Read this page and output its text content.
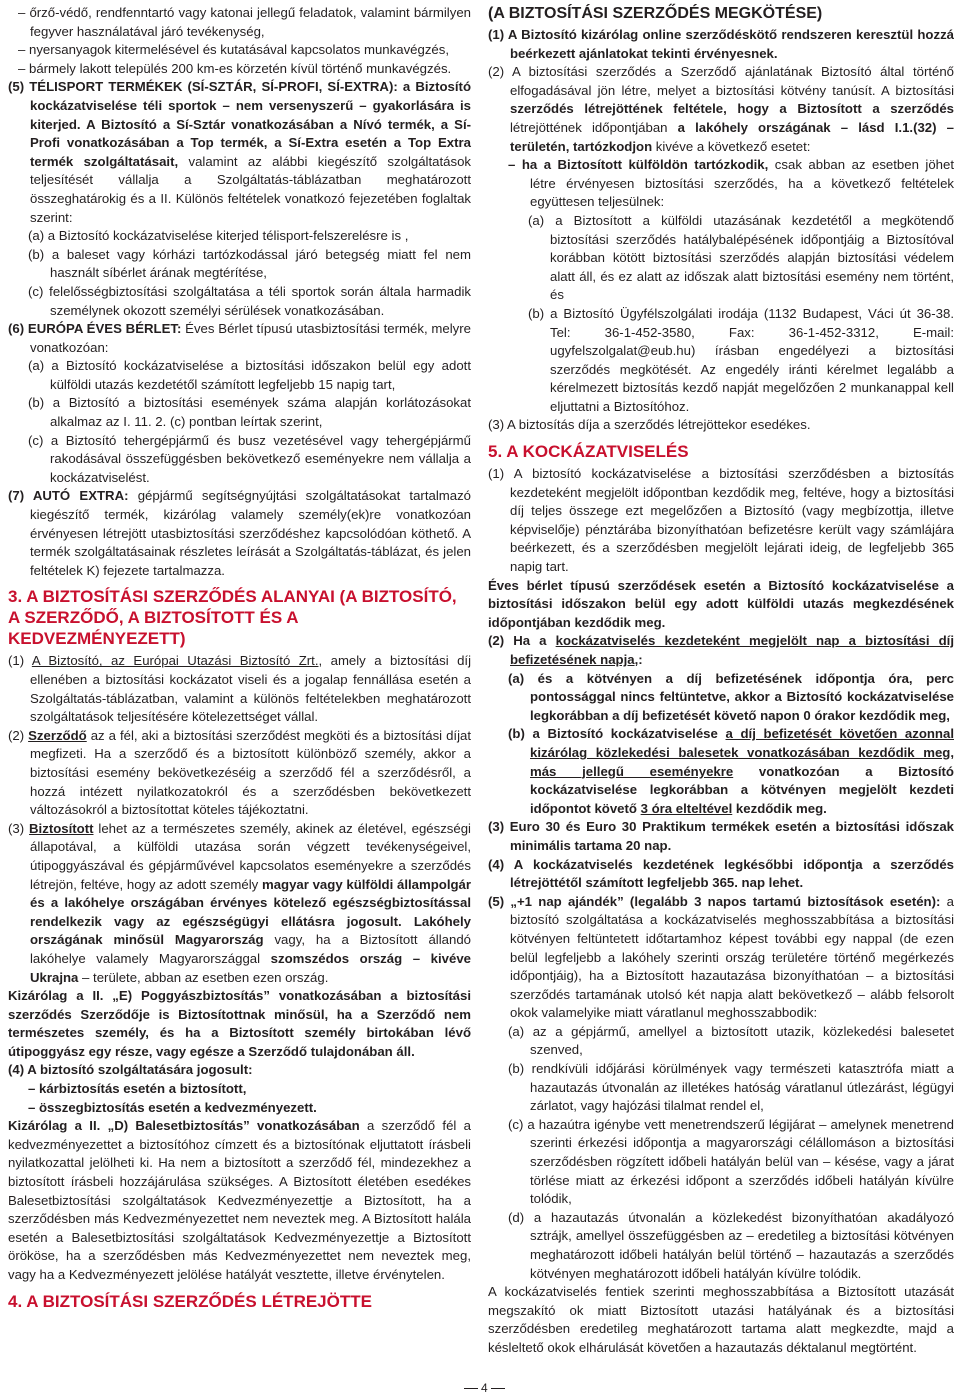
– őrző-védő, rendfenntartó vagy katonai jellegű feladatok, valamint bármilyen fegyver használatával járó tevékenység,

– nyersanyagok kitermelésével és kutatásával kapcsolatos munkavégzés,

– bármely lakott település 200 km-es körzetén kívül történő munkavégzés.

(5) TÉLISPORT TERMÉKEK (SÍ-SZTÁR, SÍ-PROFI, SÍ-EXTRA): a Biztosító kockázatviselése téli sportok – nem versenyszerű – gyakorlására is kiterjed. A Biztosító a Sí-Sztár vonatkozásában a Nívó termék, a Sí-Profi vonatkozásában a Top termék, a Sí-Extra esetén a Top Extra termék szolgáltatásait, valamint az alábbi kiegészítő szolgáltatások teljesítését vállalja a Szolgáltatás-táblázatban meghatározott összeghatárokig és a II. Különös feltételek vonatkozó fejezetében foglaltak szerint:

(a) a Biztosító kockázatviselése kiterjed télisport-felszerelésre is ,

(b) a baleset vagy kórházi tartózkodással járó betegség miatt fel nem használt síbérlet árának megtérítése,

(c) felelősségbiztosítási szolgáltatása a téli sportok során általa harmadik személynek okozott személyi sérülések vonatkozásában.

(6) EURÓPA ÉVES BÉRLET: Éves Bérlet típusú utasbiztosítási termék, melyre vonatkozóan:

(a) a Biztosító kockázatviselése a biztosítási időszakon belül egy adott külföldi utazás kezdetétől számított legfeljebb 15 napig tart,

(b) a Biztosító a biztosítási események száma alapján korlátozásokat alkalmaz az I. 11. 2. (c) pontban leírtak szerint,

(c) a Biztosító tehergépjármű és busz vezetésével vagy tehergépjármű rakodásával összefüggésben bekövetkező eseményekre nem vállalja a kockázatviselést.

(7) AUTÓ EXTRA: gépjármű segítségnyújtási szolgáltatásokat tartalmazó kiegészítő termék, kizárólag valamely személy(ek)re vonatkozóan érvényesen létrejött utasbiztosítási szerződéshez kapcsolódóan köthető. A termék szolgáltatásainak részletes leírását a Szolgáltatás-táblázat, és jelen feltételek K) fejezete tartalmazza.

3. A BIZTOSÍTÁSI SZERZŐDÉS ALANYAI (A BIZTOSÍTÓ, A SZERZŐDŐ, A BIZTOSÍTOTT ÉS A KEDVEZMÉNYEZETT)

(1) A Biztosító, az Európai Utazási Biztosító Zrt., amely a biztosítási díj ellenében a biztosítási kockázatot viseli és a jogalap fennállása esetén a Szolgáltatás-táblázatban, valamint a különös feltételekben meghatározott szolgáltatások teljesítésére kötelezettséget vállal.

(2) Szerződő az a fél, aki a biztosítási szerződést megköti és a biztosítási díjat megfizeti. Ha a szerződő és a biztosított különböző személy, akkor a biztosítási esemény bekövetkezéséig a szerződő fél a szerződésről, a hozzá intézett nyilatkozatokról és a szerződésben bekövetkezett változásokról a biztosítottat köteles tájékoztatni.

(3) Biztosított lehet az a természetes személy, akinek az életével, egészségi állapotával, a külföldi utazása során végzett tevékenységeivel, útipoggyászával és gépjárművével kapcsolatos eseményekre a szerződés létrejön, feltéve, hogy az adott személy magyar vagy külföldi állampolgár és a lakóhelye országában érvényes kötelező egészségbiztosítással rendelkezik vagy az egészségügyi ellátásra jogosult. Lakóhely országának minősül Magyarország vagy, ha a Biztosított állandó lakóhelye valamely Magyarországgal szomszédos ország – kivéve Ukrajna – területe, abban az esetben ezen ország.

Kizárólag a II. „E) Poggyászbiztosítás” vonatkozásában a biztosítási szerződés Szerződője is Biztosítottnak minősül, ha a Szerződő nem természetes személy, és ha a Biztosított személy birtokában lévő útipoggyász egy része, vagy egésze a Szerződő tulajdonában áll.

(4) A biztosító szolgáltatására jogosult:

– kárbiztosítás esetén a biztosított,

– összegbiztosítás esetén a kedvezményezett.

Kizárólag a II. „D) Balesetbiztosítás” vonatkozásában a szerződő fél a kedvezményezettet a biztosítóhoz címzett és a biztosítónak eljuttatott írásbeli nyilatkozattal jelölheti ki. Ha nem a biztosított a szerződő fél, mindezekhez a biztosított írásbeli hozzájárulása szükséges. A Biztosított életében esedékes Balesetbiztosítási szolgáltatások Kedvezményezettje a Biztosított, ha a szerződésben más Kedvezményezettet nem neveztek meg. A Biztosított halála esetén a Balesetbiztosítási szolgáltatások Kedvezményezettje a Biztosított örököse, ha a szerződésben más Kedvezményezettet nem neveztek meg, vagy ha a Kedvezményezett jelölése hatályát vesztette, illetve érvénytelen.

4. A BIZTOSÍTÁSI SZERZŐDÉS LÉTREJÖTTE
(A BIZTOSÍTÁSI SZERZŐDÉS MEGKÖTÉSE)

(1) A Biztosító kizárólag online szerződéskötő rendszeren keresztül hozzá beérkezett ajánlatokat tekinti érvényesnek.

(2) A biztosítási szerződés a Szerződő ajánlatának Biztosító által történő elfogadásával jön létre, melyet a biztosítási kötvény tanúsít. A biztosítási szerződés létrejöttének feltétele, hogy a Biztosított a szerződés létrejöttének időpontjában a lakóhely országának – lásd I.1.(32) – területén, tartózkodjon kivéve a következő esetet:

– ha a Biztosított külföldön tartózkodik, csak abban az esetben jöhet létre érvényesen biztosítási szerződés, ha a következő feltételek együttesen teljesülnek:

(a) a Biztosított a külföldi utazásának kezdetétől a megkötendő biztosítási szerződés hatálybalépésének időpontjáig a Biztosítóval korábban kötött biztosítási szerződés alapján biztosítási védelem alatt áll, és ez alatt az időszak alatt biztosítási esemény nem történt, és

(b) a Biztosító Ügyfélszolgálati irodája (1132 Budapest, Váci út 36-38. Tel: 36-1-452-3580, Fax: 36-1-452-3312, E-mail: ugyfelszolgalat@eub.hu) írásban engedélyezi a biztosítási szerződés megkötését. Az engedély iránti kérelmet legalább a kérelmezett biztosítás kezdő napját megelőzően 2 munkanappal kell eljuttatni a Biztosítóhoz.

(3) A biztosítás díja a szerződés létrejöttekor esedékes.

5. A KOCKÁZATVISELÉS

(1) A biztosító kockázatviselése a biztosítási szerződésben a biztosítás kezdeteként megjelölt időpontban kezdődik meg, feltéve, hogy a biztosítási díj teljes összege ezt megelőzően a Biztosító (vagy megbízottja, illetve képviselője) pénztárába bizonyíthatóan befizetésre került vagy számlájára beérkezett, és a szerződésben megjelölt lejárati ideig, de legfeljebb 365 napig tart.

Éves bérlet típusú szerződések esetén a Biztosító kockázatviselése a biztosítási időszakon belül egy adott külföldi utazás megkezdésének időpontjában kezdődik meg.

(2) Ha a kockázatviselés kezdeteként megjelölt nap a biztosítási díj befizetésének napja,:

(a) és a kötvényen a díj befizetésének időpontja óra, perc pontossággal nincs feltüntetve, akkor a Biztosító kockázatviselése legkorábban a díj befizetését követő napon 0 órakor kezdődik meg,

(b) a Biztosító kockázatviselése a díj befizetését követően azonnal kizárólag közlekedési balesetek vonatkozásában kezdődik meg, más jellegű eseményekre vonatkozóan a Biztosító kockázatviselése legkorábban a kötvényen megjelölt kezdeti időpontot követő 3 óra elteltével kezdődik meg.

(3) Euro 30 és Euro 30 Praktikum termékek esetén a biztosítási időszak minimális tartama 20 nap.

(4) A kockázatviselés kezdetének legkésőbbi időpontja a szerződés létrejöttétől számított legfeljebb 365. nap lehet.

(5) „+1 nap ajándék” (legalább 3 napos tartamú biztosítások esetén): a biztosító szolgáltatása a kockázatviselés meghosszabbítása a biztosítási kötvényen feltüntetett időtartamhoz képest további egy nappal (de ezen belül legfeljebb a lakóhely szerinti ország területére történő megérkezés időpontjáig), ha a Biztosított hazautazása bizonyíthatóan – a biztosítási szerződés tartamának utolsó két napja alatt bekövetkező – alább felsorolt okok valamelyike miatt váratlanul meghosszabbodik:

(a) az a gépjármű, amellyel a biztosított utazik, közlekedési balesetet szenved,

(b) rendkívüli időjárási körülmények vagy természeti katasztrófa miatt a hazautazás útvonalán az illetékes hatóság váratlanul útlezárást, légügyi zárlatot, vagy hajózási tilalmat rendel el,

(c) a hazaútra igénybe vett menetrendszerű légijárat – amelynek menetrend szerinti érkezési időpontja a magyarországi célállomáson a biztosítási szerződésben rögzített időbeli hatályán belül van – késése, vagy a járat törlése miatt az érkezési időpont a szerződés időbeli hatályán kívülre tolódik,

(d) a hazautazás útvonalán a közlekedést bizonyíthatóan akadályozó sztrájk, amellyel összefüggésben az – eredetileg a biztosítási kötvényen meghatározott időbeli hatályán belül történő – hazautazás a szerződés kötvényen meghatározott időbeli hatályán kívülre tolódik.

A kockázatviselés fentiek szerinti meghosszabbítása a Biztosított utazását megszakító ok miatt Biztosított utazási hatályának és a biztosítási szerződésben eredetileg meghatározott tartama alatt megkezdte, majd a késleltető okok elhárulását követően a hazautazás déktalanul megtörtént.

4
